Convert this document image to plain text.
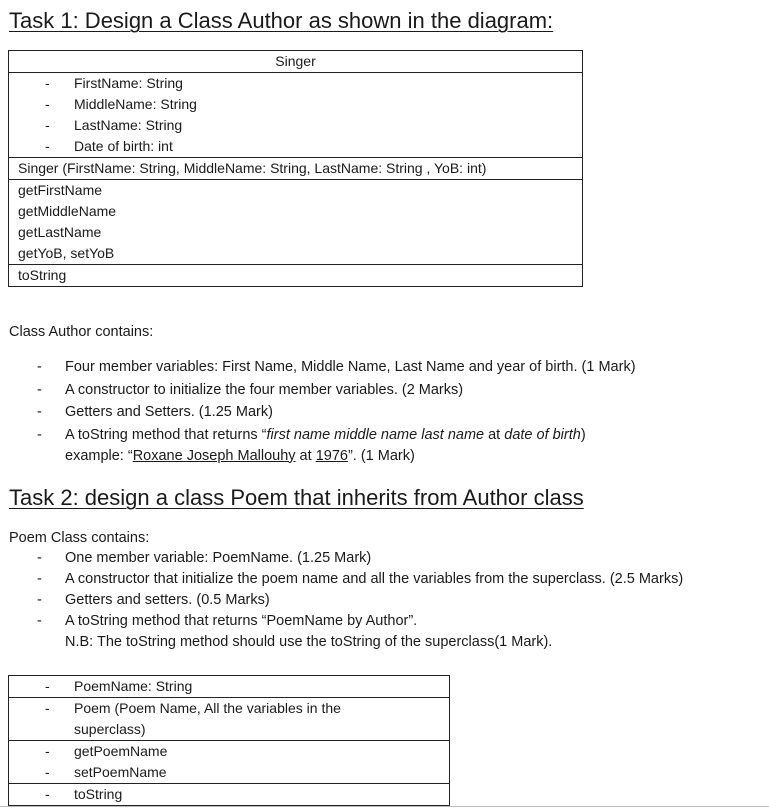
Task 1: Design a Class Author as shown in the diagram:
Singer

- FirstName: String
- MiddleName: String
- LastName: String
- Date of birth: int

Singer (FirstName: String, MiddleName: String, LastName: String , YoB: int)

getFirstName
getMiddleName
getLastName
getYoB, setYoB

toString
Class Author contains:
- Four member variables: First Name, Middle Name, Last Name and year of birth. (1 Mark)
- A constructor to initialize the four member variables. (2 Marks)
- Getters and Setters. (1.25 Mark)
- A toString method that returns “first name middle name last name at date of birth)
example: “Roxane Joseph Mallouhy at 1976”. (1 Mark)
Task 2: design a class Poem that inherits from Author class
Poem Class contains:
- One member variable: PoemName. (1.25 Mark)
- A constructor that initialize the poem name and all the variables from the superclass. (2.5 Marks)
- Getters and setters. (0.5 Marks)
- A toString method that returns “PoemName by Author”.
N.B: The toString method should use the toString of the superclass(1 Mark).
- PoemName: String

- Poem (Poem Name, All the variables in the
superclass)

- getPoemName
- setPoemName

- toString
